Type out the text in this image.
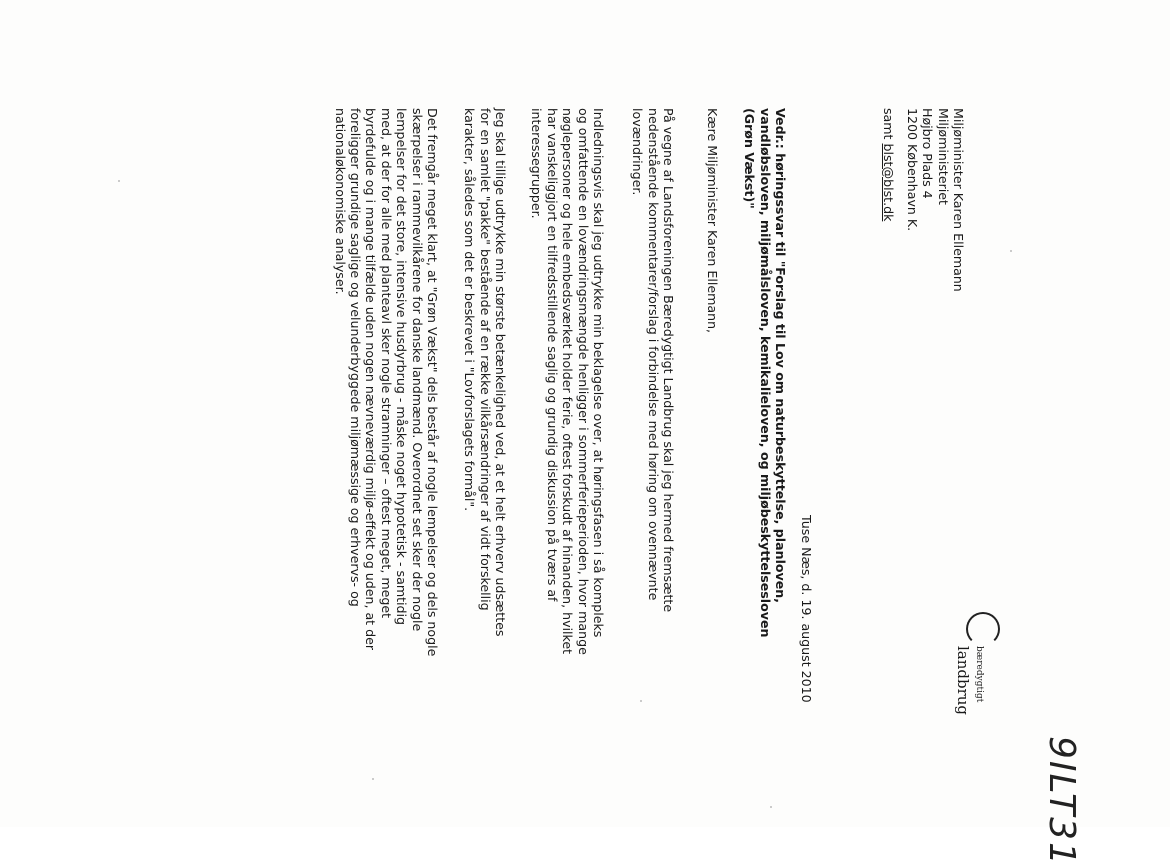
bæredygtigt
landbrug
9ILT31
Miljøminister Karen Ellemann
Miljøministeriet
Højbro Plads 4
1200 København K.
samt blst@blst.dk
Tuse Næs, d. 19. august 2010
Vedr.: høringssvar til "Forslag til Lov om naturbeskyttelse, planloven,
vandløbsloven, miljømålsloven, kemikalieloven, og miljøbeskyttelsesloven
(Grøn Vækst)"
Kære Miljøminister Karen Ellemann,
På vegne af Landsforeningen Bæredygtigt Landbrug skal jeg hermed fremsætte
nedenstående kommentarer/forslag i forbindelse med høring om ovennævnte
lovændringer.
Indledningsvis skal jeg udtrykke min beklagelse over, at høringsfasen i så kompleks
og omfattende en lovændringsmængde henligger i sommerferieperioden, hvor mange
nøglepersoner og hele embedsværket holder ferie, oftest forskudt af hinanden, hvilket
har vanskeliggjort en tilfredsstillende saglig og grundig diskussion på tværs af
interessegrupper.
Jeg skal tilligе udtrykke min største betænkelighed ved, at et helt erhverv udsættes
for en samlet "pakke" bestående af en række vilkårsændringer af vidt forskellig
karakter, således som det er beskrevet i "Lovforslagets formål".
Det fremgår meget klart, at "Grøn Vækst" dels består af nogle lempelser og dels nogle
skærpelser i rammevilkårene for danske landmænd. Overordnet set sker der nogle
lempelser for det store, intensive husdyrbrug - måske noget hypotetisk - samtidig
med, at der for alle med planteavl sker nogle stramninger – oftest meget, meget
byrdefulde og i mange tilfælde uden nogen nævneværdig miljø-effekt og uden, at der
foreligger grundige saglige og velunderbyggede miljømæssige og erhvervs- og
nationaløkonomiske analyser.
